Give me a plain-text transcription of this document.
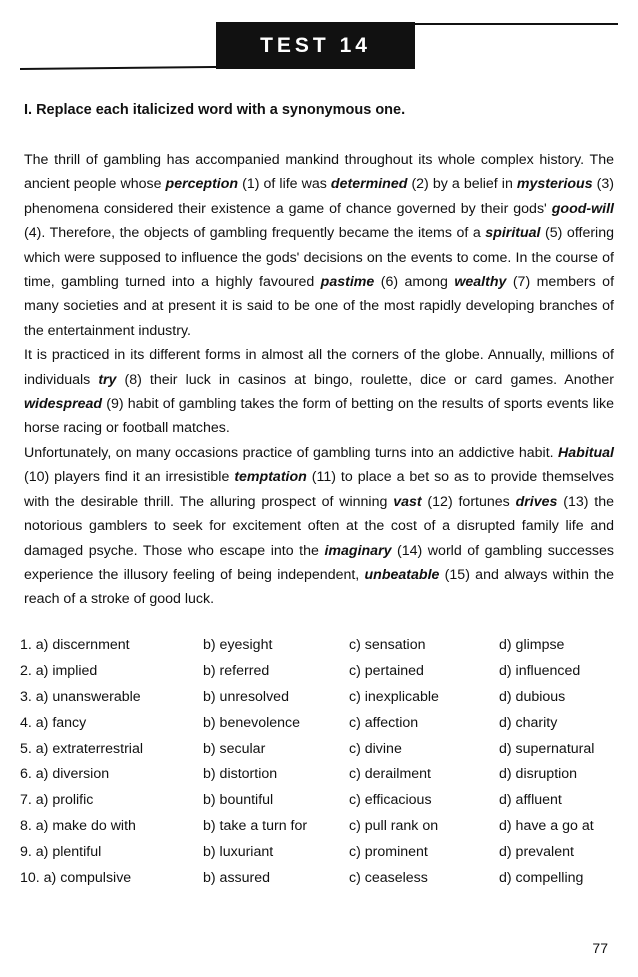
TEST 14
I. Replace each italicized word with a synonymous one.

The thrill of gambling has accompanied mankind throughout its whole complex history. The ancient people whose perception (1) of life was determined (2) by a belief in mysterious (3) phenomena considered their existence a game of chance governed by their gods' good-will (4). Therefore, the objects of gambling frequently became the items of a spiritual (5) offering which were supposed to influence the gods' decisions on the events to come. In the course of time, gambling turned into a highly favoured pastime (6) among wealthy (7) members of many societies and at present it is said to be one of the most rapidly developing branches of the entertainment industry.

It is practiced in its different forms in almost all the corners of the globe. Annually, millions of individuals try (8) their luck in casinos at bingo, roulette, dice or card games. Another widespread (9) habit of gambling takes the form of betting on the results of sports events like horse racing or football matches.

Unfortunately, on many occasions practice of gambling turns into an addictive habit. Habitual (10) players find it an irresistible temptation (11) to place a bet so as to provide themselves with the desirable thrill. The alluring prospect of winning vast (12) fortunes drives (13) the notorious gamblers to seek for excitement often at the cost of a disrupted family life and damaged psyche. Those who escape into the imaginary (14) world of gambling successes experience the illusory feeling of being independent, unbeatable (15) and always within the reach of a stroke of good luck.

1. a) discernment	b) eyesight	c) sensation	d) glimpse
2. a) implied	b) referred	c) pertained	d) influenced
3. a) unanswerable	b) unresolved	c) inexplicable	d) dubious
4. a) fancy	b) benevolence	c) affection	d) charity
5. a) extraterrestrial	b) secular	c) divine	d) supernatural
6. a) diversion	b) distortion	c) derailment	d) disruption
7. a) prolific	b) bountiful	c) efficacious	d) affluent
8. a) make do with	b) take a turn for	c) pull rank on	d) have a go at
9. a) plentiful	b) luxuriant	c) prominent	d) prevalent
10. a) compulsive	b) assured	c) ceaseless	d) compelling
77
